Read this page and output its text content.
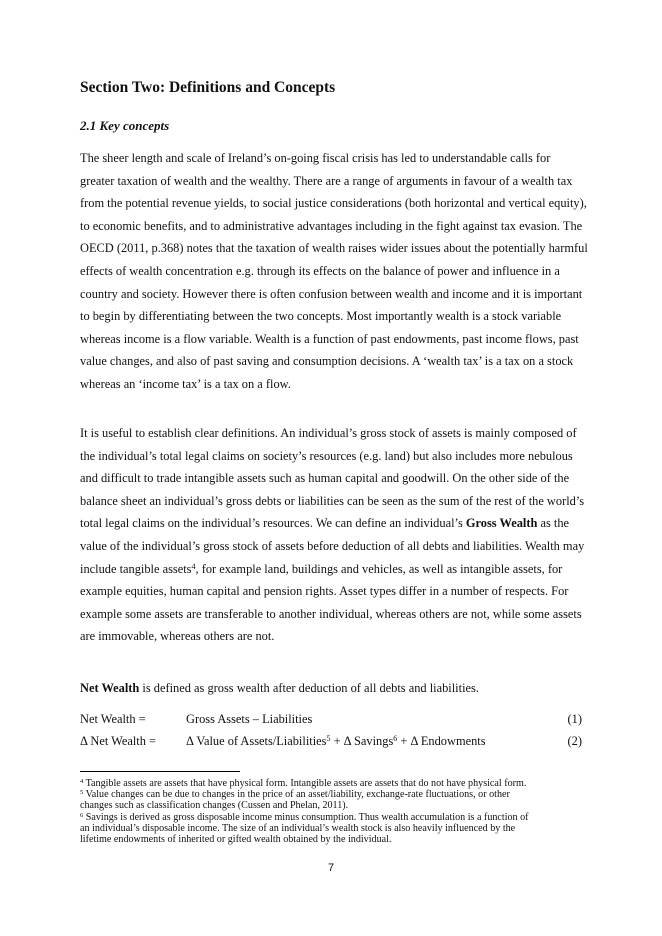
Section Two: Definitions and Concepts
2.1 Key concepts
The sheer length and scale of Ireland’s on-going fiscal crisis has led to understandable calls for
greater taxation of wealth and the wealthy. There are a range of arguments in favour of a wealth tax
from the potential revenue yields, to social justice considerations (both horizontal and vertical equity),
to economic benefits, and to administrative advantages including in the fight against tax evasion. The
OECD (2011, p.368) notes that the taxation of wealth raises wider issues about the potentially harmful
effects of wealth concentration e.g. through its effects on the balance of power and influence in a
country and society. However there is often confusion between wealth and income and it is important
to begin by differentiating between the two concepts. Most importantly wealth is a stock variable
whereas income is a flow variable. Wealth is a function of past endowments, past income flows, past
value changes, and also of past saving and consumption decisions. A ‘wealth tax’ is a tax on a stock
whereas an ‘income tax’ is a tax on a flow.
It is useful to establish clear definitions. An individual’s gross stock of assets is mainly composed of
the individual’s total legal claims on society’s resources (e.g. land) but also includes more nebulous
and difficult to trade intangible assets such as human capital and goodwill. On the other side of the
balance sheet an individual’s gross debts or liabilities can be seen as the sum of the rest of the world’s
total legal claims on the individual’s resources. We can define an individual’s Gross Wealth as the
value of the individual’s gross stock of assets before deduction of all debts and liabilities. Wealth may
include tangible assets$^4$, for example land, buildings and vehicles, as well as intangible assets, for
example equities, human capital and pension rights. Asset types differ in a number of respects. For
example some assets are transferable to another individual, whereas others are not, while some assets
are immovable, whereas others are not.
Net Wealth is defined as gross wealth after deduction of all debts and liabilities.
Net Wealth =	Gross Assets – Liabilities	(1)
Δ Net Wealth = Δ Value of Assets/Liabilities$^5$ + Δ Savings$^6$ + Δ Endowments	(2)
$^4$ Tangible assets are assets that have physical form. Intangible assets are assets that do not have physical form.
$^5$ Value changes can be due to changes in the price of an asset/liability, exchange-rate fluctuations, or other
changes such as classification changes (Cussen and Phelan, 2011).
$^6$ Savings is derived as gross disposable income minus consumption. Thus wealth accumulation is a function of
an individual’s disposable income. The size of an individual’s wealth stock is also heavily influenced by the
lifetime endowments of inherited or gifted wealth obtained by the individual.
7
